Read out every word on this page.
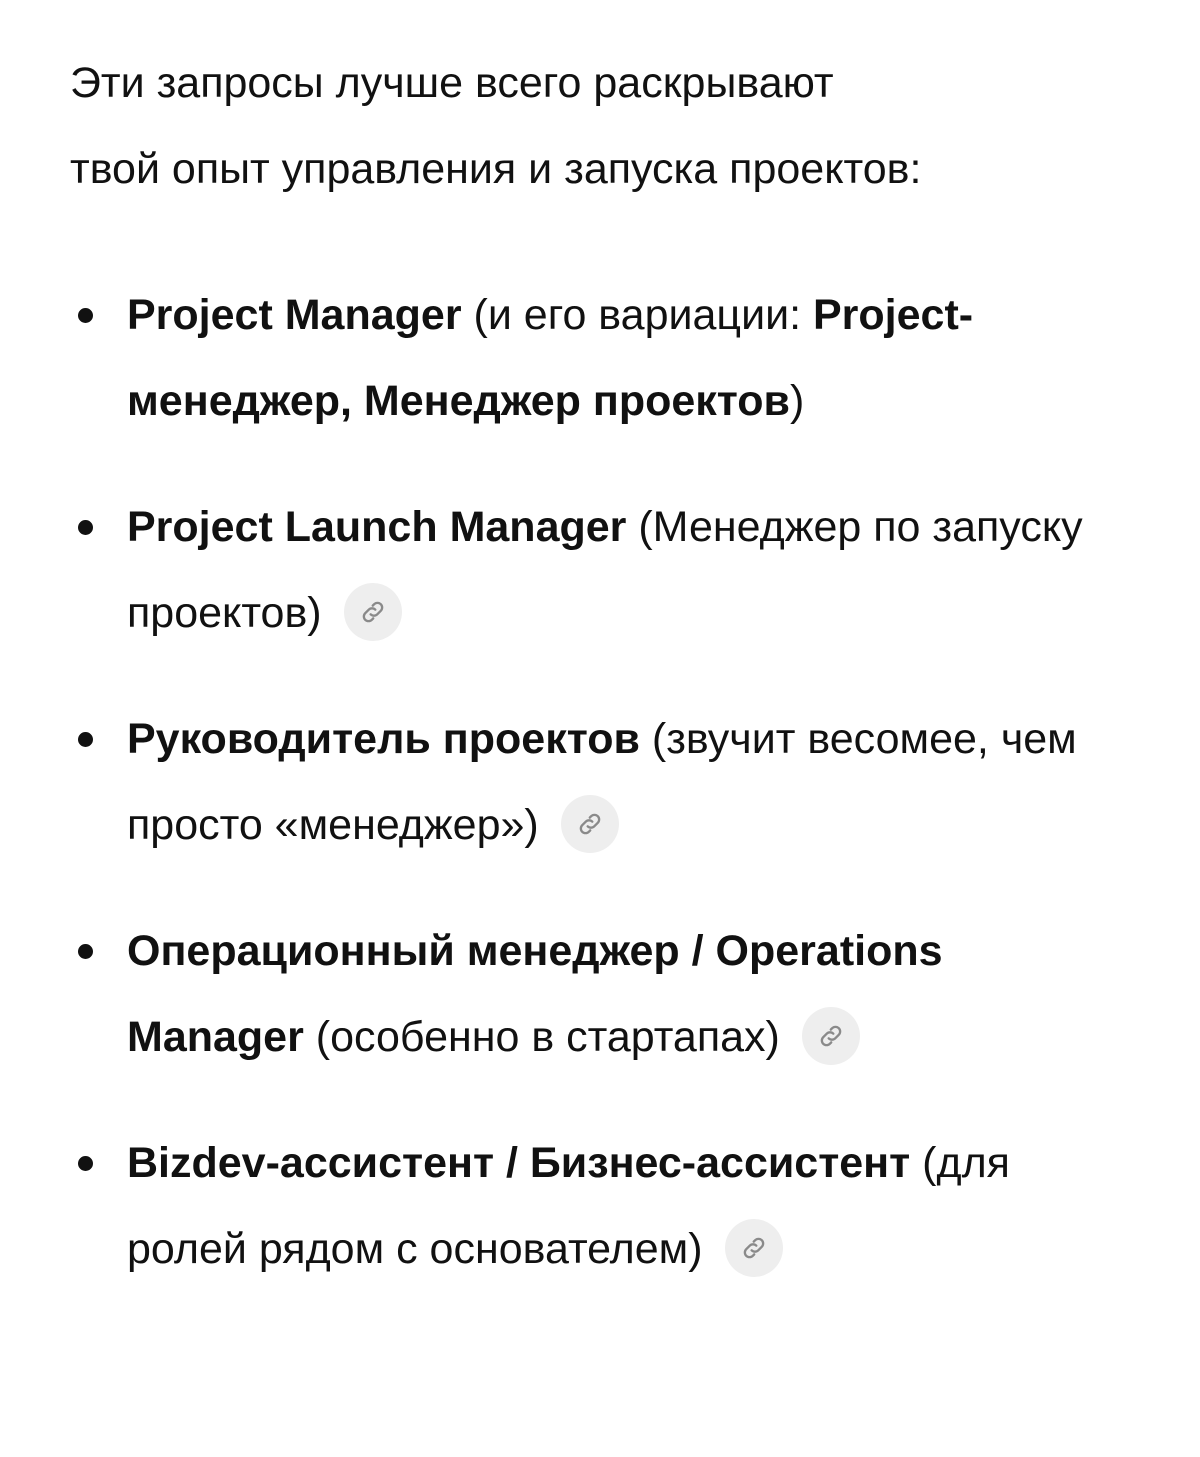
Эти запросы лучше всего раскрывают
твой опыт управления и запуска проектов:

Project Manager (и его вариации: Project-менеджер, Менеджер проектов)
Project Launch Manager (Менеджер по запуску проектов)
Руководитель проектов (звучит весомее, чем просто «менеджер»)
Операционный менеджер / Operations Manager (особенно в стартапах)
Bizdev-ассистент / Бизнес-ассистент (для ролей рядом с основателем)
